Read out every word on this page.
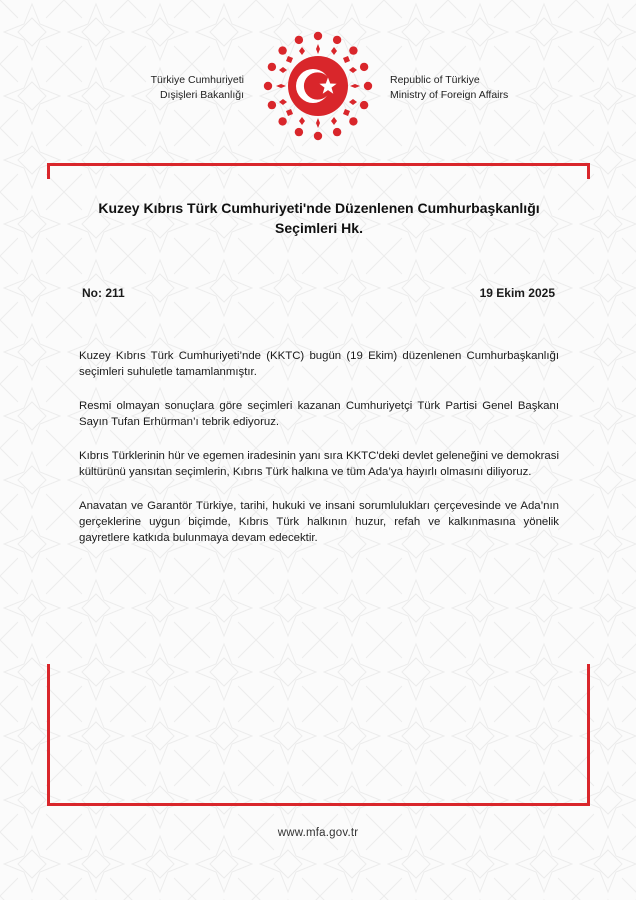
Türkiye Cumhuriyeti
Dışişleri Bakanlığı
Republic of Türkiye
Ministry of Foreign Affairs
Kuzey Kıbrıs Türk Cumhuriyeti'nde Düzenlenen Cumhurbaşkanlığı
Seçimleri Hk.
No: 211	19 Ekim 2025

Kuzey Kıbrıs Türk Cumhuriyeti’nde (KKTC) bugün (19 Ekim) düzenlenen Cumhurbaşkanlığı seçimleri suhuletle tamamlanmıştır.

Resmi olmayan sonuçlara göre seçimleri kazanan Cumhuriyetçi Türk Partisi Genel Başkanı Sayın Tufan Erhürman’ı tebrik ediyoruz.

Kıbrıs Türklerinin hür ve egemen iradesinin yanı sıra KKTC'deki devlet geleneğini ve demokrasi kültürünü yansıtan seçimlerin, Kıbrıs Türk halkına ve tüm Ada’ya hayırlı olmasını diliyoruz.

Anavatan ve Garantör Türkiye, tarihi, hukuki ve insani sorumlulukları çerçevesinde ve Ada’nın gerçeklerine uygun biçimde, Kıbrıs Türk halkının huzur, refah ve kalkınmasına yönelik gayretlere katkıda bulunmaya devam edecektir.

www.mfa.gov.tr
